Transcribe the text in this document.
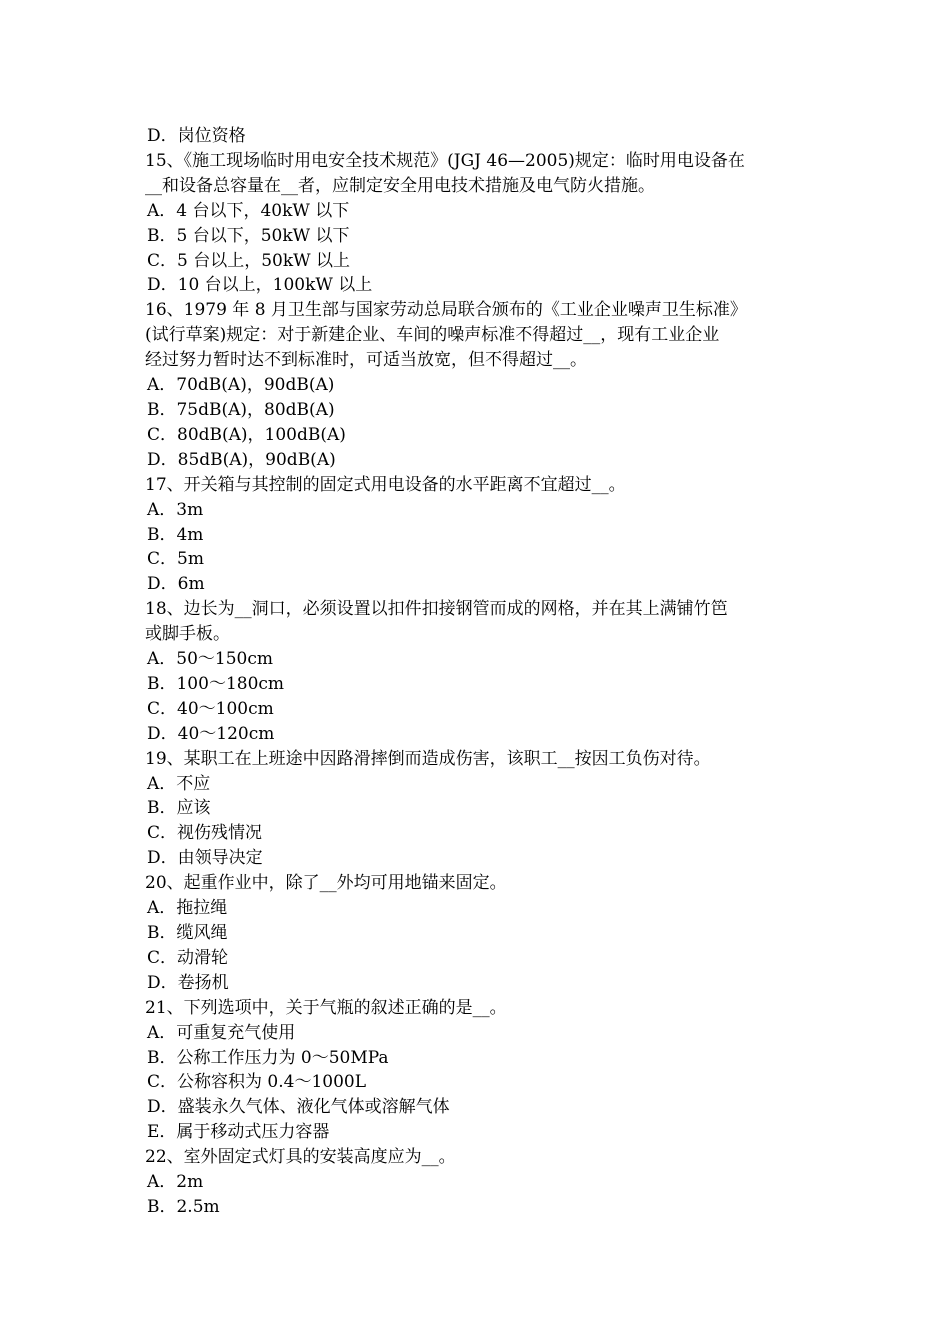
D．岗位资格
15、《施工现场临时用电安全技术规范》(JGJ 46—2005)规定：临时用电设备在
__和设备总容量在__者，应制定安全用电技术措施及电气防火措施。
A．4 台以下，40kW 以下
B．5 台以下，50kW 以下
C．5 台以上，50kW 以上
D．10 台以上，100kW 以上
16、1979 年 8 月卫生部与国家劳动总局联合颁布的《工业企业噪声卫生标准》
(试行草案)规定：对于新建企业、车间的噪声标准不得超过__，现有工业企业
经过努力暂时达不到标准时，可适当放宽，但不得超过__。
A．70dB(A)，90dB(A)
B．75dB(A)，80dB(A)
C．80dB(A)，100dB(A)
D．85dB(A)，90dB(A)
17、开关箱与其控制的固定式用电设备的水平距离不宜超过__。
A．3m
B．4m
C．5m
D．6m
18、边长为__洞口，必须设置以扣件扣接钢管而成的网格，并在其上满铺竹笆
或脚手板。
A．50～150cm
B．100～180cm
C．40～100cm
D．40～120cm
19、某职工在上班途中因路滑摔倒而造成伤害，该职工__按因工负伤对待。
A．不应
B．应该
C．视伤残情况
D．由领导决定
20、起重作业中，除了__外均可用地锚来固定。
A．拖拉绳
B．缆风绳
C．动滑轮
D．卷扬机
21、下列选项中，关于气瓶的叙述正确的是__。
A．可重复充气使用
B．公称工作压力为 0～50MPa
C．公称容积为 0.4～1000L
D．盛装永久气体、液化气体或溶解气体
E．属于移动式压力容器
22、室外固定式灯具的安装高度应为__。
A．2m
B．2.5m
